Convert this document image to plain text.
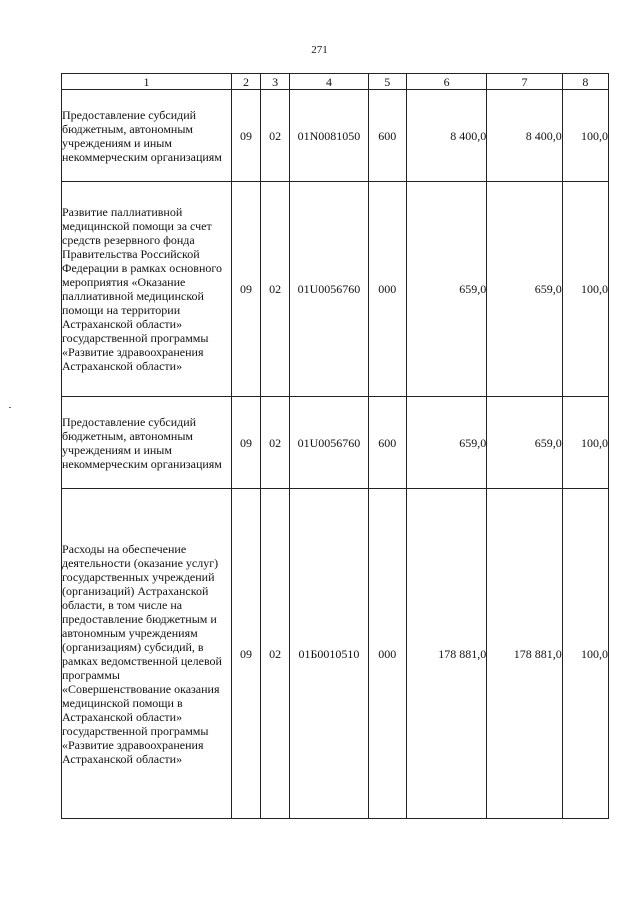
271
1	2	3	4	5	6	7	8
Предоставление субсидий бюджетным, автономным учреждениям и иным некоммерческим организациям	09	02	01N0081050	600	8 400,0	8 400,0	100,0
Развитие паллиативной медицинской помощи за счет средств резервного фонда Правительства Российской Федерации в рамках основного мероприятия «Оказание паллиативной медицинской помощи на территории Астраханской области» государственной программы «Развитие здравоохранения Астраханской области»	09	02	01U0056760	000	659,0	659,0	100,0
Предоставление субсидий бюджетным, автономным учреждениям и иным некоммерческим организациям	09	02	01U0056760	600	659,0	659,0	100,0
Расходы на обеспечение деятельности (оказание услуг) государственных учреждений (организаций) Астраханской области, в том числе на предоставление бюджетным и автономным учреждениям (организациям) субсидий, в рамках ведомственной целевой программы «Совершенствование оказания медицинской помощи в Астраханской области» государственной программы «Развитие здравоохранения Астраханской области»	09	02	01Б0010510	000	178 881,0	178 881,0	100,0
